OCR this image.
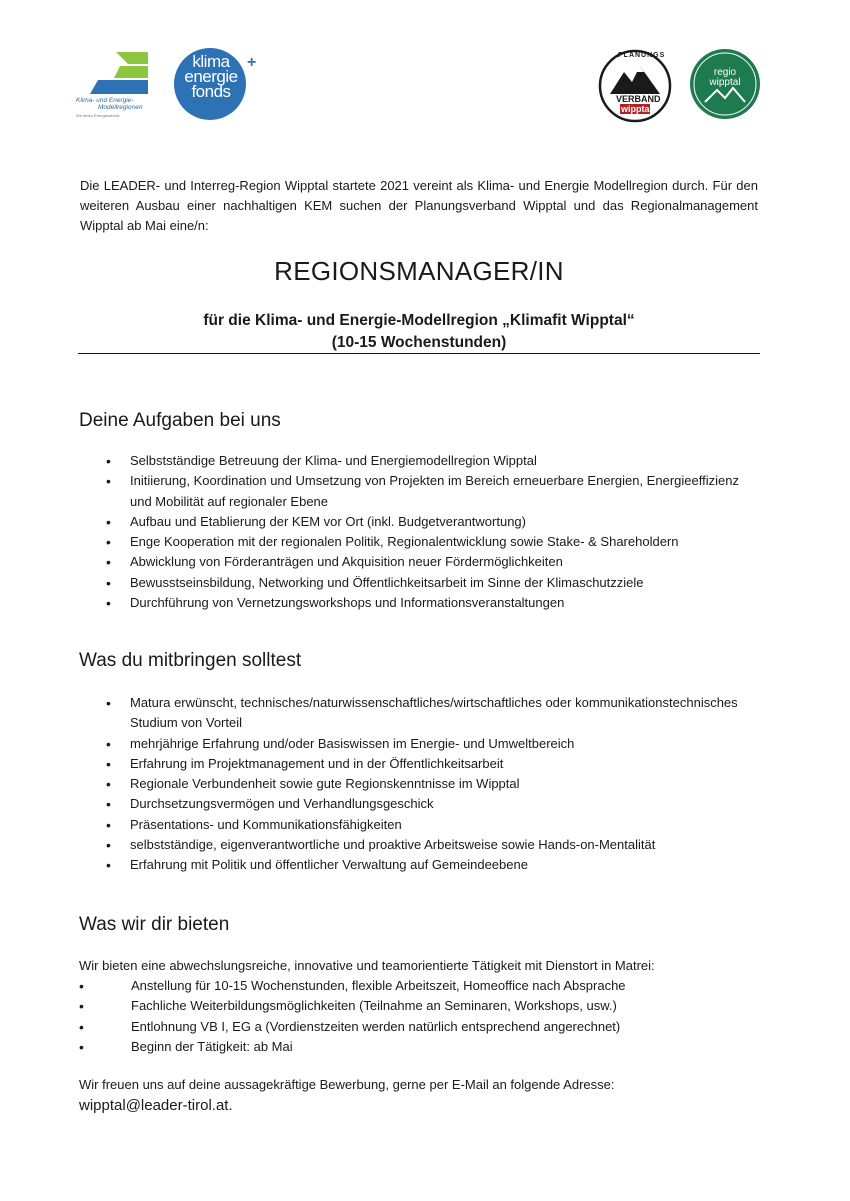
Klima- und Energie-
Modellregionen
Wir leben Energiewende
klima
energie
fonds
+	PLANUNGS
VERBAND
wipptal
regio
wipptal
Die LEADER- und Interreg-Region Wipptal startete 2021 vereint als Klima- und Energie Modellregion durch. Für den weiteren Ausbau einer nachhaltigen KEM suchen der Planungsverband Wipptal und das Regionalmanagement Wipptal ab Mai eine/n:
REGIONSMANAGER/IN
für die Klima- und Energie-Modellregion „Klimafit Wipptal“
(10-15 Wochenstunden)
Deine Aufgaben bei uns
• Selbstständige Betreuung der Klima- und Energiemodellregion Wipptal
• Initiierung, Koordination und Umsetzung von Projekten im Bereich erneuerbare Energien, Energieeffizienz und Mobilität auf regionaler Ebene
• Aufbau und Etablierung der KEM vor Ort (inkl. Budgetverantwortung)
• Enge Kooperation mit der regionalen Politik, Regionalentwicklung sowie Stake- & Shareholdern
• Abwicklung von Förderanträgen und Akquisition neuer Fördermöglichkeiten
• Bewusstseinsbildung, Networking und Öffentlichkeitsarbeit im Sinne der Klimaschutzziele
• Durchführung von Vernetzungsworkshops und Informationsveranstaltungen
Was du mitbringen solltest
• Matura erwünscht, technisches/naturwissenschaftliches/wirtschaftliches oder kommunikationstechnisches Studium von Vorteil
• mehrjährige Erfahrung und/oder Basiswissen im Energie- und Umweltbereich
• Erfahrung im Projektmanagement und in der Öffentlichkeitsarbeit
• Regionale Verbundenheit sowie gute Regionskenntnisse im Wipptal
• Durchsetzungsvermögen und Verhandlungsgeschick
• Präsentations- und Kommunikationsfähigkeiten
• selbstständige, eigenverantwortliche und proaktive Arbeitsweise sowie Hands-on-Mentalität
• Erfahrung mit Politik und öffentlicher Verwaltung auf Gemeindeebene
Was wir dir bieten
Wir bieten eine abwechslungsreiche, innovative und teamorientierte Tätigkeit mit Dienstort in Matrei:
•	Anstellung für 10-15 Wochenstunden, flexible Arbeitszeit, Homeoffice nach Absprache
•	Fachliche Weiterbildungsmöglichkeiten (Teilnahme an Seminaren, Workshops, usw.)
•	Entlohnung VB I, EG a (Vordienstzeiten werden natürlich entsprechend angerechnet)
•	Beginn der Tätigkeit: ab Mai
Wir freuen uns auf deine aussagekräftige Bewerbung, gerne per E-Mail an folgende Adresse:
wipptal@leader-tirol.at.
